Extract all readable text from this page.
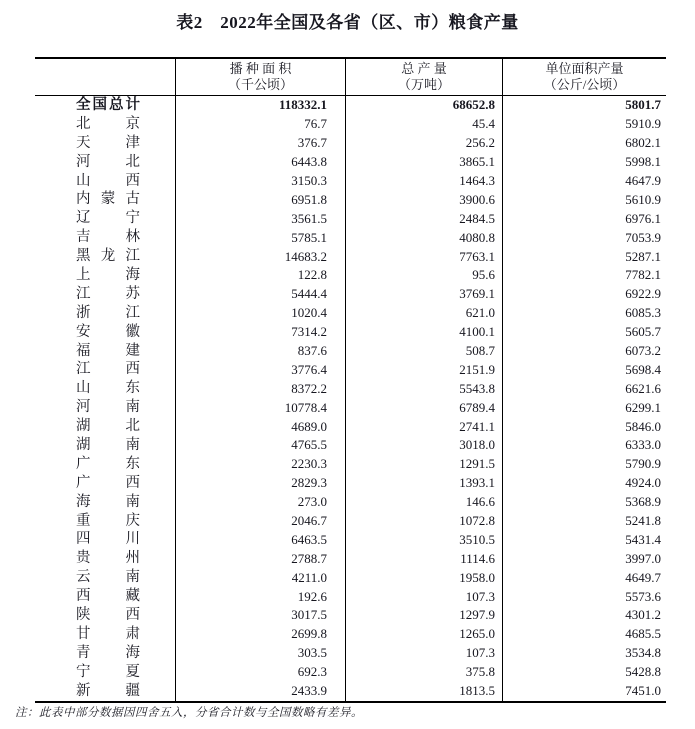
表2　2022年全国及各省（区、市）粮食产量
播 种 面 积
（千公顷）
总 产 量
（万吨）
单位面积产量
（公斤/公顷）
全 国 总 计	118332.1	68652.8	5801.7
北 京	76.7	45.4	5910.9
天 津	376.7	256.2	6802.1
河 北	6443.8	3865.1	5998.1
山 西	3150.3	1464.3	4647.9
内 蒙 古	6951.8	3900.6	5610.9
辽 宁	3561.5	2484.5	6976.1
吉 林	5785.1	4080.8	7053.9
黑 龙 江	14683.2	7763.1	5287.1
上 海	122.8	95.6	7782.1
江 苏	5444.4	3769.1	6922.9
浙 江	1020.4	621.0	6085.3
安 徽	7314.2	4100.1	5605.7
福 建	837.6	508.7	6073.2
江 西	3776.4	2151.9	5698.4
山 东	8372.2	5543.8	6621.6
河 南	10778.4	6789.4	6299.1
湖 北	4689.0	2741.1	5846.0
湖 南	4765.5	3018.0	6333.0
广 东	2230.3	1291.5	5790.9
广 西	2829.3	1393.1	4924.0
海 南	273.0	146.6	5368.9
重 庆	2046.7	1072.8	5241.8
四 川	6463.5	3510.5	5431.4
贵 州	2788.7	1114.6	3997.0
云 南	4211.0	1958.0	4649.7
西 藏	192.6	107.3	5573.6
陕 西	3017.5	1297.9	4301.2
甘 肃	2699.8	1265.0	4685.5
青 海	303.5	107.3	3534.8
宁 夏	692.3	375.8	5428.8
新 疆	2433.9	1813.5	7451.0
注：此表中部分数据因四舍五入，分省合计数与全国数略有差异。
